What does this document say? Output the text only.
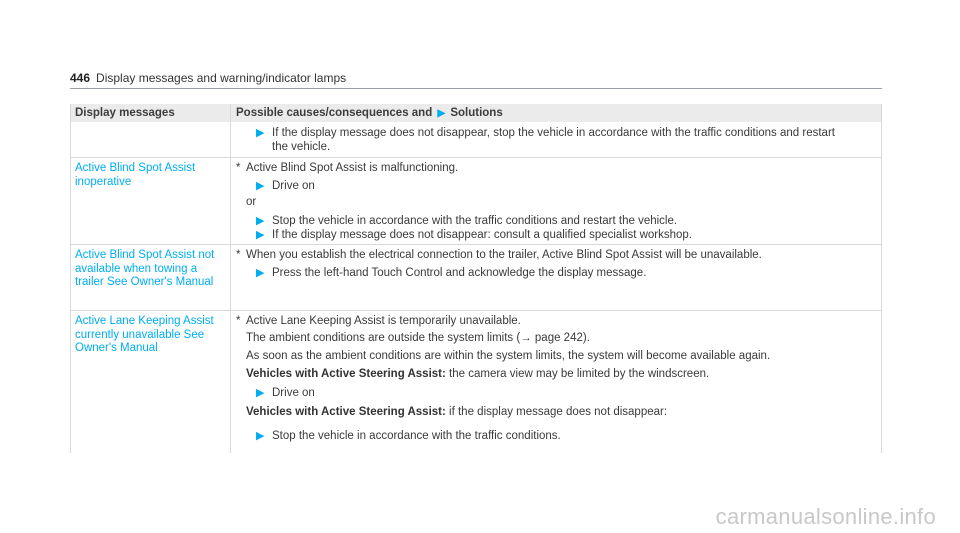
446 Display messages and warning/indicator lamps
Display messages	Possible causes/consequences and ▶ Solutions
▶ If the display message does not disappear, stop the vehicle in accordance with the traffic conditions and restart
the vehicle.
Active Blind Spot Assist inoperative
* Active Blind Spot Assist is malfunctioning.
▶ Drive on
or
▶ Stop the vehicle in accordance with the traffic conditions and restart the vehicle.
▶ If the display message does not disappear: consult a qualified specialist workshop.
Active Blind Spot Assist not available when towing a trailer See Owner's Manual
* When you establish the electrical connection to the trailer, Active Blind Spot Assist will be unavailable.
▶ Press the left-hand Touch Control and acknowledge the display message.
Active Lane Keeping Assist currently unavailable See Owner's Manual
* Active Lane Keeping Assist is temporarily unavailable.
The ambient conditions are outside the system limits (→ page 242).
As soon as the ambient conditions are within the system limits, the system will become available again.
Vehicles with Active Steering Assist: the camera view may be limited by the windscreen.
▶ Drive on
Vehicles with Active Steering Assist: if the display message does not disappear:
▶ Stop the vehicle in accordance with the traffic conditions.
carmanualsonline.info
